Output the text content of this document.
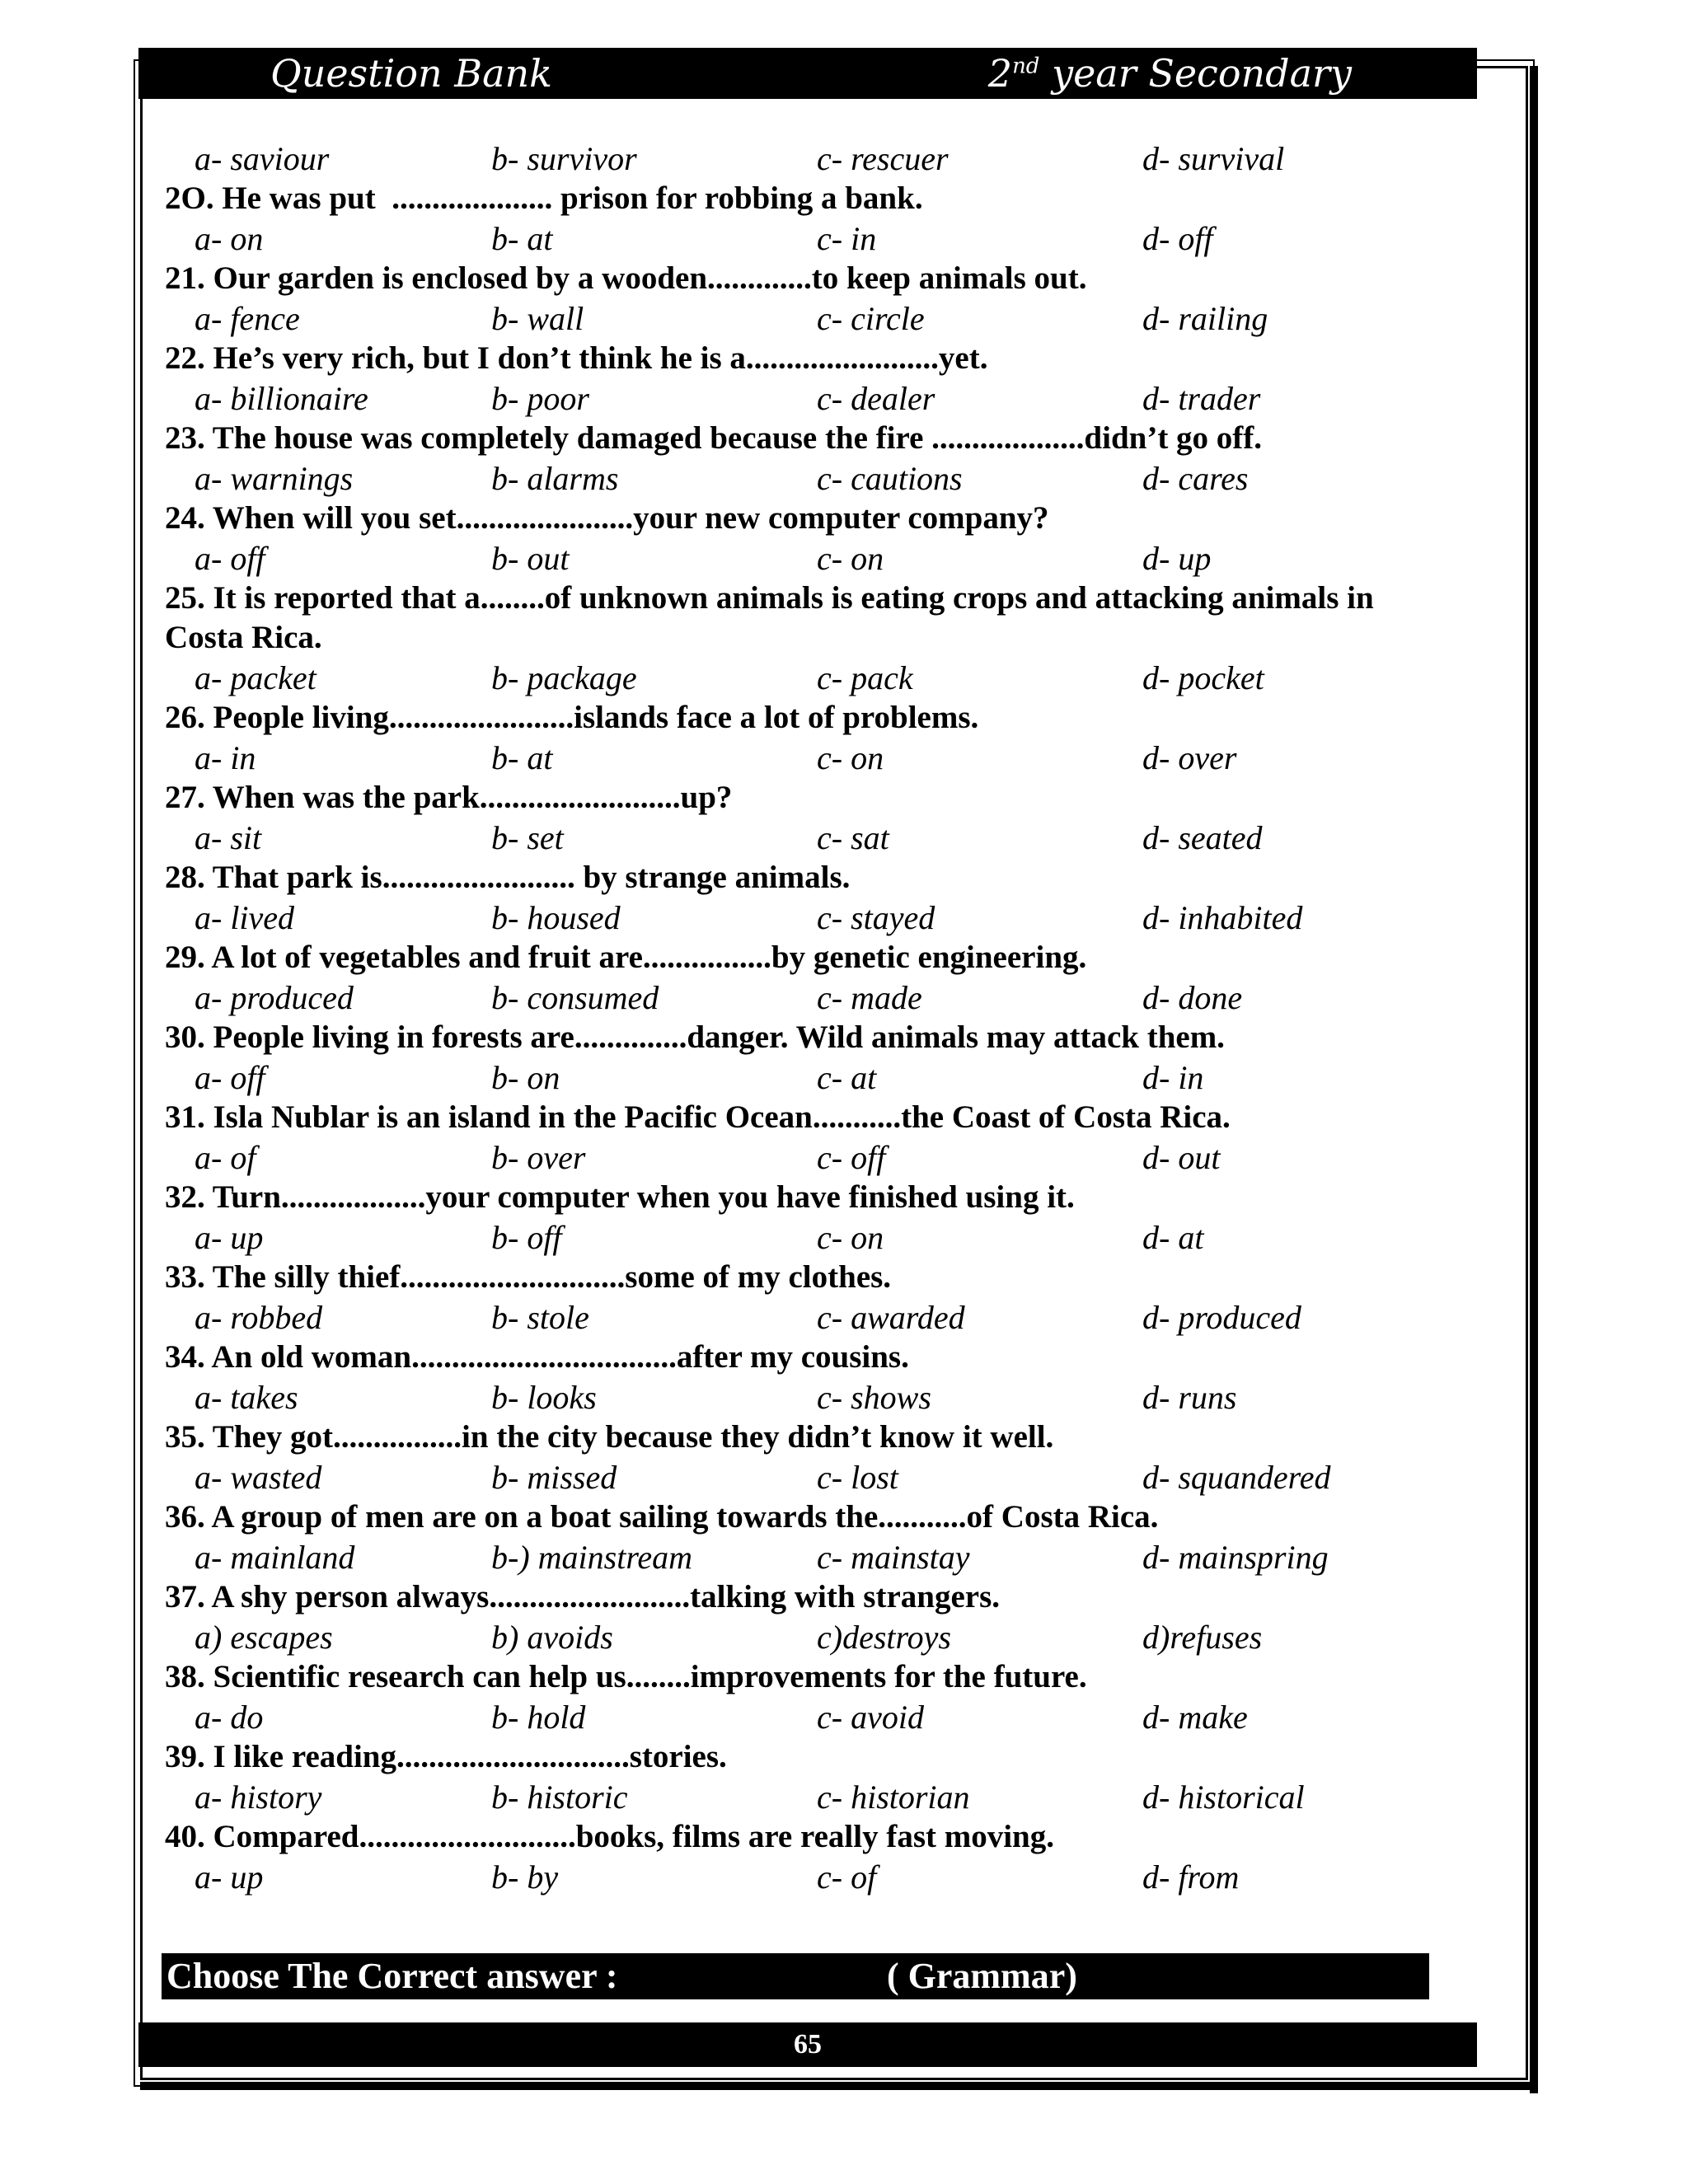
Question Bank	2nd year Secondary
a- saviour	b- survivor	c- rescuer	d- survival

2O. He was put  .................... prison for robbing a bank.

a- on	b- at	c- in	d- off

21. Our garden is enclosed by a wooden.............to keep animals out.

a- fence	b- wall	c- circle	d- railing

22. He’s very rich, but I don’t think he is a........................yet.

a- billionaire	b- poor	c- dealer	d- trader

23. The house was completely damaged because the fire ...................didn’t go off.

a- warnings	b- alarms	c- cautions	d- cares

24. When will you set......................your new computer company?

a- off	b- out	c- on	d- up

25. It is reported that a........of unknown animals is eating crops and attacking animals in Costa Rica.

a- packet	b- package	c- pack	d- pocket

26. People living.......................islands face a lot of problems.

a- in	b- at	c- on	d- over

27. When was the park.........................up?

a- sit	b- set	c- sat	d- seated

28. That park is........................ by strange animals.

a- lived	b- housed	c- stayed	d- inhabited

29. A lot of vegetables and fruit are................by genetic engineering.

a- produced	b- consumed	c- made	d- done

30. People living in forests are..............danger. Wild animals may attack them.

a- off	b- on	c- at	d- in

31. Isla Nublar is an island in the Pacific Ocean...........the Coast of Costa Rica.

a- of	b- over	c- off	d- out

32. Turn..................your computer when you have finished using it.

a- up	b- off	c- on	d- at

33. The silly thief............................some of my clothes.

a- robbed	b- stole	c- awarded	d- produced

34. An old woman.................................after my cousins.

a- takes	b- looks	c- shows	d- runs

35. They got................in the city because they didn’t know it well.

a- wasted	b- missed	c- lost	d- squandered

36. A group of men are on a boat sailing towards the...........of Costa Rica.

a- mainland	b-) mainstream	c- mainstay	d- mainspring

37. A shy person always.........................talking with strangers.

a) escapes	b) avoids	c)destroys	d)refuses

38. Scientific research can help us........improvements for the future.

a- do	b- hold	c- avoid	d- make

39. I like reading.............................stories.

a- history	b- historic	c- historian	d- historical

40. Compared...........................books, films are really fast moving.

a- up	b- by	c- of	d- from
Choose The Correct answer :	( Grammar)
65
